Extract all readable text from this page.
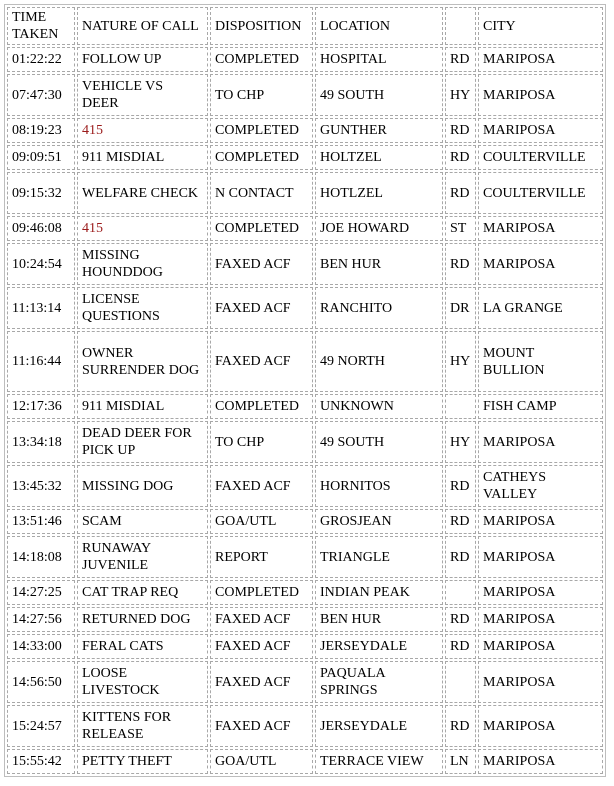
TIME TAKEN	NATURE OF CALL	DISPOSITION	LOCATION		CITY
01:22:22	FOLLOW UP	COMPLETED	HOSPITAL	RD	MARIPOSA
07:47:30	VEHICLE VS DEER	TO CHP	49 SOUTH	HY	MARIPOSA
08:19:23	415	COMPLETED	GUNTHER	RD	MARIPOSA
09:09:51	911 MISDIAL	COMPLETED	HOLTZEL	RD	COULTERVILLE
09:15:32	WELFARE CHECK	N CONTACT	HOTLZEL	RD	COULTERVILLE
09:46:08	415	COMPLETED	JOE HOWARD	ST	MARIPOSA
10:24:54	MISSING HOUNDDOG	FAXED ACF	BEN HUR	RD	MARIPOSA
11:13:14	LICENSE QUESTIONS	FAXED ACF	RANCHITO	DR	LA GRANGE
11:16:44	OWNER SURRENDER DOG	FAXED ACF	49 NORTH	HY	MOUNT BULLION
12:17:36	911 MISDIAL	COMPLETED	UNKNOWN		FISH CAMP
13:34:18	DEAD DEER FOR PICK UP	TO CHP	49 SOUTH	HY	MARIPOSA
13:45:32	MISSING DOG	FAXED ACF	HORNITOS	RD	CATHEYS VALLEY
13:51:46	SCAM	GOA/UTL	GROSJEAN	RD	MARIPOSA
14:18:08	RUNAWAY JUVENILE	REPORT	TRIANGLE	RD	MARIPOSA
14:27:25	CAT TRAP REQ	COMPLETED	INDIAN PEAK		MARIPOSA
14:27:56	RETURNED DOG	FAXED ACF	BEN HUR	RD	MARIPOSA
14:33:00	FERAL CATS	FAXED ACF	JERSEYDALE	RD	MARIPOSA
14:56:50	LOOSE LIVESTOCK	FAXED ACF	PAQUALA SPRINGS		MARIPOSA
15:24:57	KITTENS FOR RELEASE	FAXED ACF	JERSEYDALE	RD	MARIPOSA
15:55:42	PETTY THEFT	GOA/UTL	TERRACE VIEW	LN	MARIPOSA
